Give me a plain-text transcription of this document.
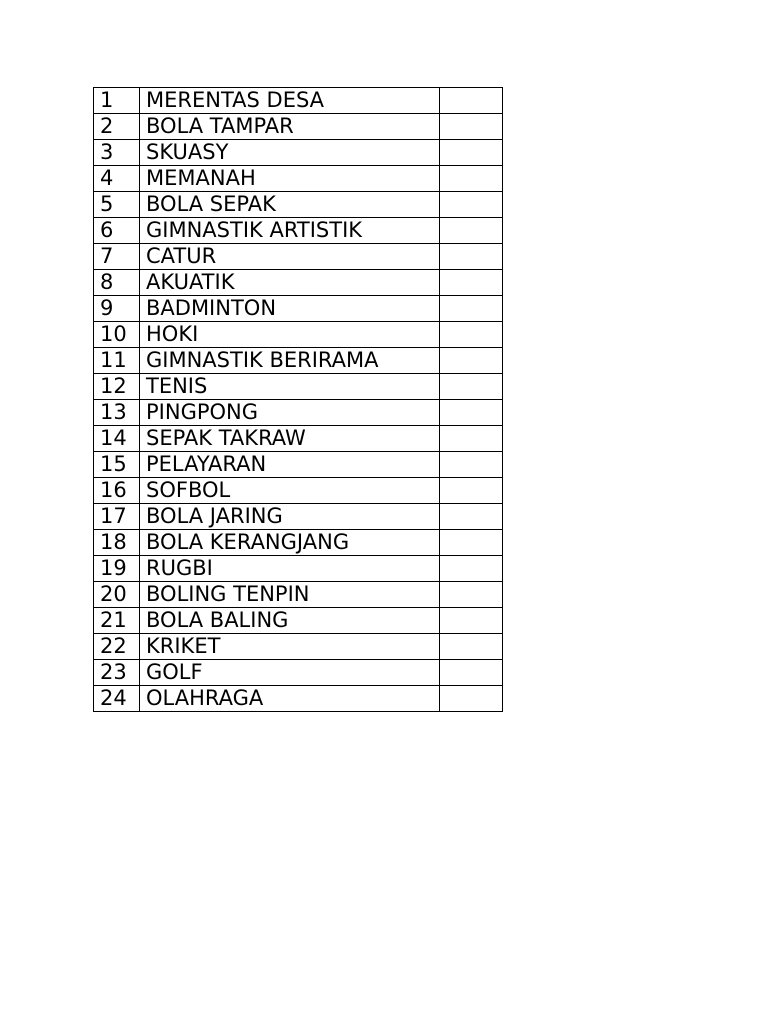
1	MERENTAS DESA	
2	BOLA TAMPAR	
3	SKUASY	
4	MEMANAH	
5	BOLA SEPAK	
6	GIMNASTIK ARTISTIK	
7	CATUR	
8	AKUATIK	
9	BADMINTON	
10	HOKI	
11	GIMNASTIK BERIRAMA	
12	TENIS	
13	PINGPONG	
14	SEPAK TAKRAW	
15	PELAYARAN	
16	SOFBOL	
17	BOLA JARING	
18	BOLA KERANGJANG	
19	RUGBI	
20	BOLING TENPIN	
21	BOLA BALING	
22	KRIKET	
23	GOLF	
24	OLAHRAGA	
